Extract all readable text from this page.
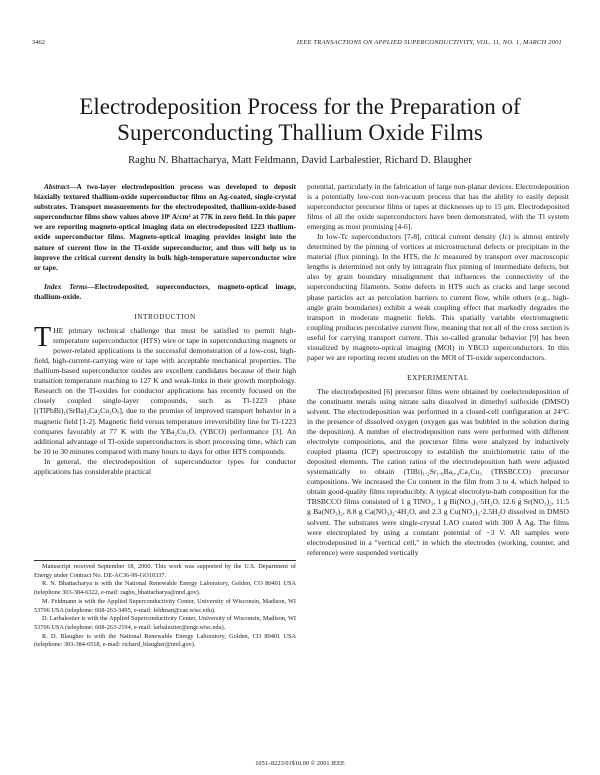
3462	IEEE TRANSACTIONS ON APPLIED SUPERCONDUCTIVITY, VOL. 11, NO. 1, MARCH 2001
Electrodeposition Process for the Preparation of Superconducting Thallium Oxide Films
Raghu N. Bhattacharya, Matt Feldmann, David Larbalestier, Richard D. Blaugher

Abstract—A two-layer electrodeposition process was developed to deposit biaxially textured thallium-oxide superconductor films on Ag-coated, single-crystal substrates. Transport measurements for the electrodeposited, thallium-oxide-based superconductor films show values above 10⁶ A/cm² at 77K in zero field. In this paper we are reporting magneto-optical imaging data on electrodeposited 1223 thallium-oxide superconductor films. Magneto-optical imaging provides insight into the nature of current flow in the Tl-oxide superconductor, and thus will help us to improve the critical current density in bulk high-temperature superconductor wire or tape.

Index Terms—Electrodeposited, superconductors, magneto-optical image, thallium-oxide.

INTRODUCTION

THE primary technical challenge that must be satisfied to permit high-temperature superconductor (HTS) wire or tape in superconducting magnets or power-related applications is the successful demonstration of a low-cost, high-field, high-current-carrying wire or tape with acceptable mechanical properties. The thallium-based superconductor oxides are excellent candidates because of their high transition temperature reaching to 127 K and weak-links in their growth morphology. Research on the Tl-oxides for conductor applications has recently focused on the closely coupled single-layer compounds, such as Tl-1223 phase [(TlPbBi)₁(SrBa)₂Ca₂Cu₃Oₓ], due to the promise of improved transport behavior in a magnetic field [1-2]. Magnetic field versus temperature irreversibility line for Tl-1223 compares favorably at 77 K with the YBa₂Cu₃Oₓ (YBCO) performance [3]. An additional advantage of Tl-oxide superconductors is short processing time, which can be 10 to 30 minutes compared with many hours to days for other HTS compounds.

In general, the electrodeposition of superconductor types for conductor applications has considerable practical

Manuscript received September 18, 2000. This work was supported by the U.S. Department of Energy under Contract No. DE-AC36-99-GO10337.

R. N. Bhattacharya is with the National Renewable Energy Laboratory, Golden, CO 80401 USA (telephone 303-384-6322, e-mail: raghu_bhattacharya@nrel.gov).

M. Feldmann is with the Applied Superconductivity Center, University of Wisconsin, Madison, WI 53706 USA (telephone: 608-263-3495, e-mail: feldman@cae.wisc.edu).

D. Larbalestier is with the Applied Superconductivity Center, University of Wisconsin, Madison, WI 53706 USA (telephone: 608-263-2194, e-mail: larbalestier@engr.wisc.edu).

R. D. Blaugher is with the National Renewable Energy Laboratory, Golden, CO 80401 USA (telephone: 303-384-6518, e-mail: richard_blaugher@nrel.gov).

potential, particularly in the fabrication of large non-planar devices. Electrodeposition is a potentially low-cost non-vacuum process that has the ability to easily deposit superconductor precursor films or tapes at thicknesses up to 15 μm. Electrodeposited films of all the oxide superconductors have been demonstrated, with the Tl system emerging as most promising [4-6].

In low-Tc superconductors [7-8], critical current density (Jc) is almost entirely determined by the pinning of vortices at microstructural defects or precipitate in the material (flux pinning). In the HTS, the Jc measured by transport over macroscopic lengths is determined not only by intragrain flux pinning of intermediate defects, but also by grain boundary misalignment that influences the connectivity of the superconducting filaments. Some defects in HTS such as cracks and large second phase particles act as percolation barriers to current flow, while others (e.g., high-angle grain boundaries) exhibit a weak coupling effect that markedly degrades the transport in moderate magnetic fields. This spatially variable electromagnetic coupling produces percolative current flow, meaning that not all of the cross section is useful for carrying transport current. This so-called granular behavior [9] has been visualized by magneto-optical imaging (MOI) in YBCO superconductors. In this paper we are reporting recent studies on the MOI of Tl-oxide superconductors.

EXPERIMENTAL

The electrodeposited [6] precursor films were obtained by coelectrodeposition of the constituent metals using nitrate salts dissolved in dimethyl sulfoxide (DMSO) solvent. The electrodeposition was performed in a closed-cell configuration at 24°C in the presence of dissolved oxygen (oxygen gas was bubbled in the solution during the deposition). A number of electrodeposition runs were performed with different electrolyte compositions, and the precursor films were analyzed by inductively coupled plasma (ICP) spectroscopy to establish the stoichiometric ratio of the deposited elements. The cation ratios of the electrodeposition bath were adjusted systematically to obtain (TlBi)₁.₂Sr₁.₆Ba₀.₄Ca₂Cu₃ (TBSBCCO) precursor compositions. We increased the Cu content in the film from 3 to 4, which helped to obtain good-quality films reproducibly. A typical electrolyte-bath composition for the TBSBCCO films consisted of 1 g TlNO₃, 1 g Bi(NO₃)₃·5H₂O, 12.6 g Sr(NO₃)₂, 11.5 g Ba(NO₃)₂, 8.8 g Ca(NO₃)₂·4H₂O, and 2.3 g Cu(NO₃)₂·2.5H₂O dissolved in DMSO solvent. The substrates were single-crystal LAO coated with 300 Å Ag. The films were electroplated by using a constant potential of −3 V. All samples were electrodeposited in a "vertical cell," in which the electrodes (working, counter, and reference) were suspended vertically

1051–8223/01$10.00 © 2001 IEEE
